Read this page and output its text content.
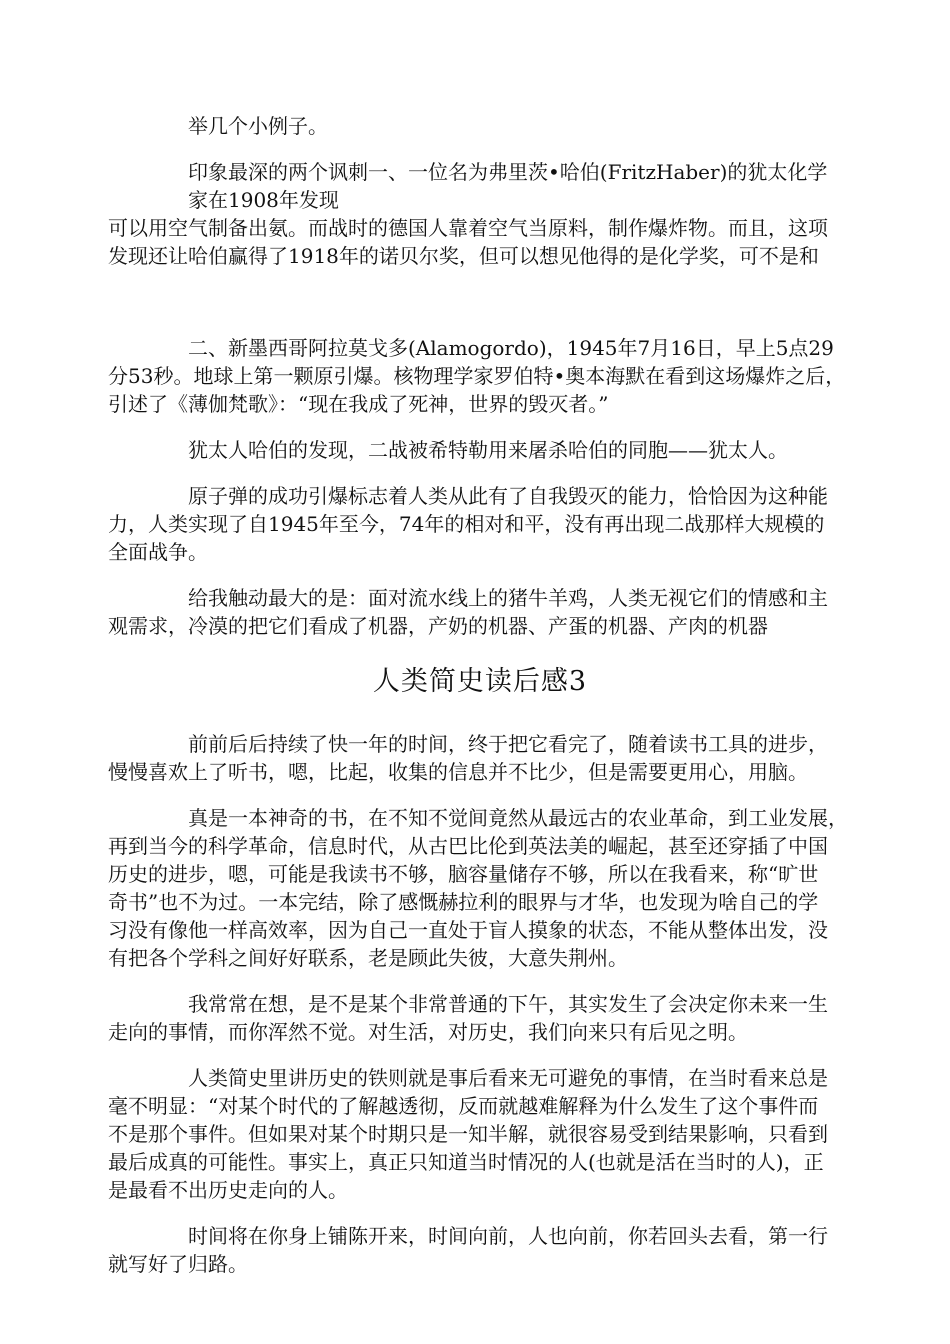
举几个小例子。
印象最深的两个讽刺一、一位名为弗里茨•哈伯(FritzHaber)的犹太化学
家在1908年发现
可以用空气制备出氨。而战时的德国人靠着空气当原料，制作爆炸物。而且，这项
发现还让哈伯赢得了1918年的诺贝尔奖，但可以想见他得的是化学奖，可不是和
二、新墨西哥阿拉莫戈多(Alamogordo)，1945年7月16日，早上5点29
分53秒。地球上第一颗原引爆。核物理学家罗伯特•奥本海默在看到这场爆炸之后，
引述了《薄伽梵歌》：“现在我成了死神，世界的毁灭者。”
犹太人哈伯的发现，二战被希特勒用来屠杀哈伯的同胞——犹太人。
原子弹的成功引爆标志着人类从此有了自我毁灭的能力，恰恰因为这种能
力，人类实现了自1945年至今，74年的相对和平，没有再出现二战那样大规模的
全面战争。
给我触动最大的是：面对流水线上的猪牛羊鸡，人类无视它们的情感和主
观需求，冷漠的把它们看成了机器，产奶的机器、产蛋的机器、产肉的机器
人类简史读后感3
前前后后持续了快一年的时间，终于把它看完了，随着读书工具的进步，
慢慢喜欢上了听书，嗯，比起，收集的信息并不比少，但是需要更用心，用脑。
真是一本神奇的书，在不知不觉间竟然从最远古的农业革命，到工业发展，
再到当今的科学革命，信息时代，从古巴比伦到英法美的崛起，甚至还穿插了中国
历史的进步，嗯，可能是我读书不够，脑容量储存不够，所以在我看来，称“旷世
奇书”也不为过。一本完结，除了感慨赫拉利的眼界与才华，也发现为啥自己的学
习没有像他一样高效率，因为自己一直处于盲人摸象的状态，不能从整体出发，没
有把各个学科之间好好联系，老是顾此失彼，大意失荆州。
我常常在想，是不是某个非常普通的下午，其实发生了会决定你未来一生
走向的事情，而你浑然不觉。对生活，对历史，我们向来只有后见之明。
人类简史里讲历史的铁则就是事后看来无可避免的事情，在当时看来总是
毫不明显：“对某个时代的了解越透彻，反而就越难解释为什么发生了这个事件而
不是那个事件。但如果对某个时期只是一知半解，就很容易受到结果影响，只看到
最后成真的可能性。事实上，真正只知道当时情况的人(也就是活在当时的人)，正
是最看不出历史走向的人。
时间将在你身上铺陈开来，时间向前，人也向前，你若回头去看，第一行
就写好了归路。
